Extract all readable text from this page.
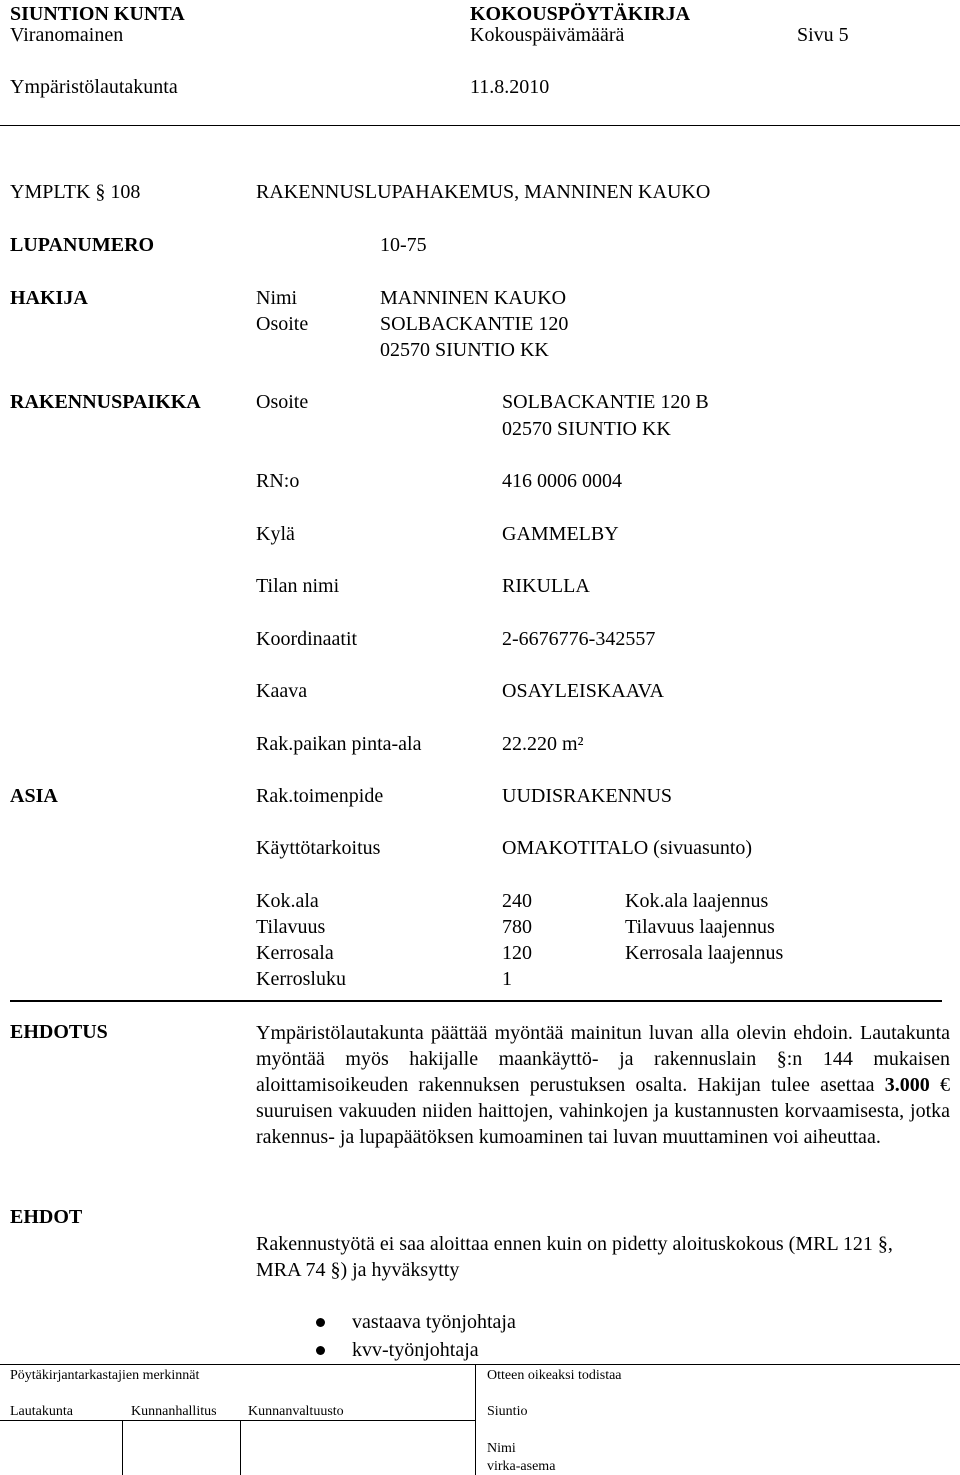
SIUNTION KUNTA	KOKOUSPÖYTÄKIRJA
Viranomainen	Kokouspäivämäärä	Sivu 5
Ympäristölautakunta	11.8.2010
YMPLTK § 108	RAKENNUSLUPAHAKEMUS, MANNINEN KAUKO
LUPANUMERO	10-75
HAKIJA	Nimi	MANNINEN KAUKO
Osoite	SOLBACKANTIE 120
02570 SIUNTIO KK
RAKENNUSPAIKKA	Osoite	SOLBACKANTIE 120 B
02570 SIUNTIO KK
RN:o	416 0006 0004
Kylä	GAMMELBY
Tilan nimi	RIKULLA
Koordinaatit	2-6676776-342557
Kaava	OSAYLEISKAAVA
Rak.paikan pinta-ala	22.220 m²
ASIA	Rak.toimenpide	UUDISRAKENNUS
Käyttötarkoitus	OMAKOTITALO (sivuasunto)
Kok.ala	240	Kok.ala laajennus
Tilavuus	780	Tilavuus laajennus
Kerrosala	120	Kerrosala laajennus
Kerrosluku	1
EHDOTUS	Ympäristölautakunta päättää myöntää mainitun luvan alla olevin ehdoin. Lautakunta myöntää myös hakijalle maankäyttö- ja rakennuslain §:n 144 mukaisen aloittamisoikeuden rakennuksen perustuksen osalta. Hakijan tulee asettaa 3.000 € suuruisen vakuuden niiden haittojen, vahinkojen ja kustannusten korvaamisesta, jotka rakennus- ja lupapäätöksen kumoaminen tai luvan muuttaminen voi aiheuttaa.
EHDOT
Rakennustyötä ei saa aloittaa ennen kuin on pidetty aloituskokous (MRL 121 §, MRA 74 §) ja hyväksytty
vastaava työnjohtaja
kvv-työnjohtaja
Pöytäkirjantarkastajien merkinnät	Otteen oikeaksi todistaa
Lautakunta	Kunnanhallitus Kunnanvaltuusto	Siuntio
Nimi
virka-asema
